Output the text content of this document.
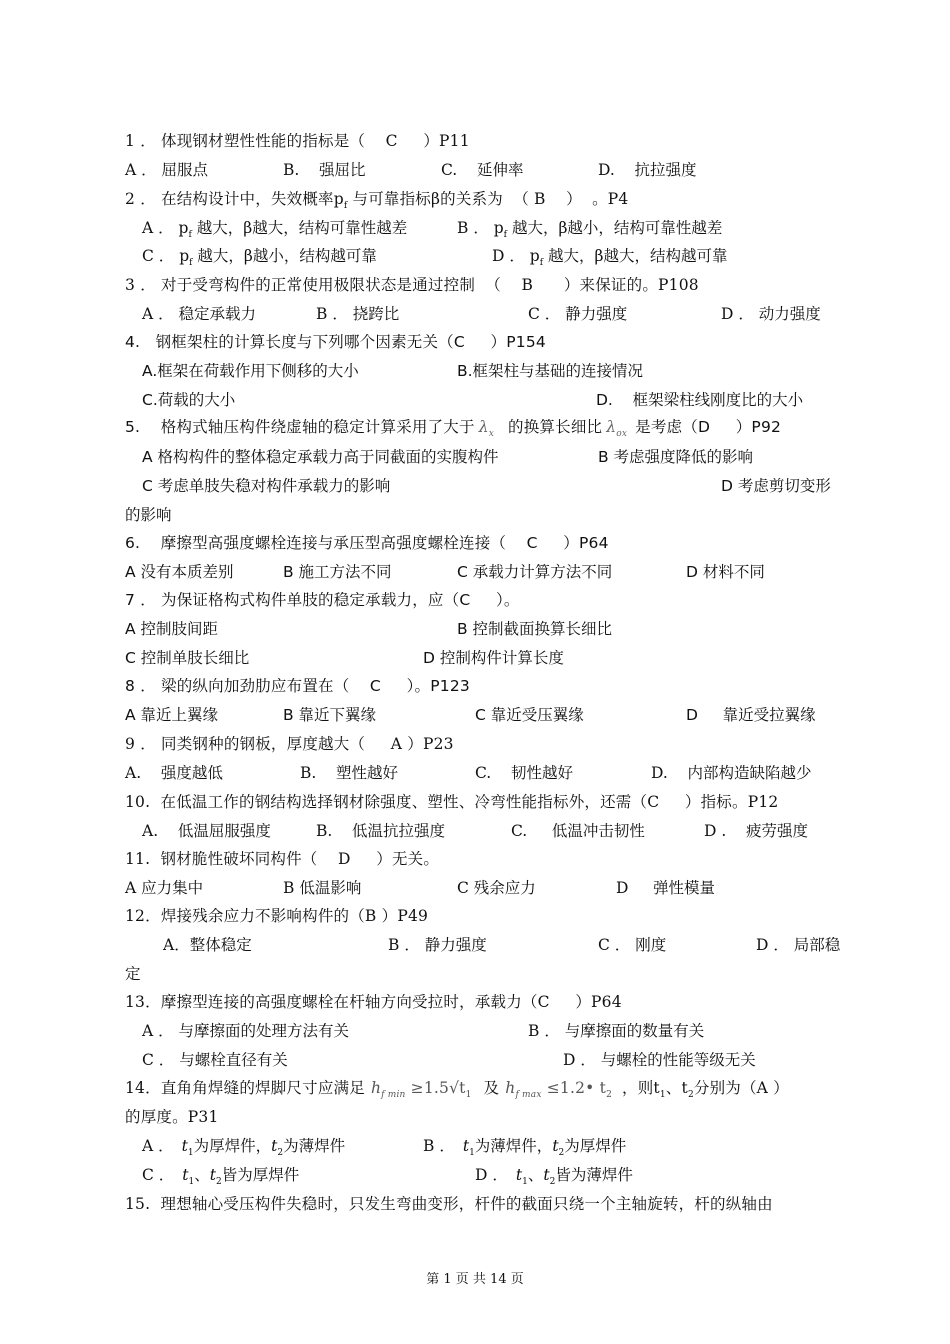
1 ． 体现钢材塑性性能的指标是（    C     ）P11
A ． 屈服点	B.    强屈比	C.    延伸率	D.    抗拉强度
2 ． 在结构设计中，失效概率$p_f$ 与可靠指标β的关系为  （ B    ）  。P4
A ． $p_f$ 越大，β越大，结构可靠性越差	B ． $p_f$ 越大，β越小，结构可靠性越差
C ． $p_f$ 越大，β越小，结构越可靠	D ． $p_f$ 越大，β越大，结构越可靠
3 ． 对于受弯构件的正常使用极限状态是通过控制  （    B      ）来保证的。P108
A ． 稳定承载力	B ． 挠跨比	C ． 静力强度	D ． 动力强度
4.   钢框架柱的计算长度与下列哪个因素无关（C     ）P154
A.框架在荷载作用下侧移的大小	B.框架柱与基础的连接情况
C.荷载的大小	D.    框架梁柱线刚度比的大小
5.    格构式轴压构件绕虚轴的稳定计算采用了大于 $\lambda_x$ 的换算长细比 $\lambda_{ox}$ 是考虑（D     ）P92
A 格构构件的整体稳定承载力高于同截面的实腹构件	B 考虑强度降低的影响
C 考虑单肢失稳对构件承载力的影响	D 考虑剪切变形
的影响
6.    摩擦型高强度螺栓连接与承压型高强度螺栓连接（    C     ）P64
A 没有本质差别	B 施工方法不同	C 承载力计算方法不同	D 材料不同
7 ． 为保证格构式构件单肢的稳定承载力，应（C     ）。
A 控制肢间距	B 控制截面换算长细比
C 控制单肢长细比	D 控制构件计算长度
8 ． 梁的纵向加劲肋应布置在（    C     ）。P123
A 靠近上翼缘	B 靠近下翼缘	C 靠近受压翼缘	D     靠近受拉翼缘
9 ． 同类钢种的钢板，厚度越大（     A ）P23
A.    强度越低	B.    塑性越好	C.    韧性越好	D.    内部构造缺陷越少
10.  在低温工作的钢结构选择钢材除强度、塑性、冷弯性能指标外，还需（C     ）指标。P12
A.    低温屈服强度	B.    低温抗拉强度	C.     低温冲击韧性	D .    疲劳强度
11.  钢材脆性破坏同构件（    D     ）无关。
A 应力集中	B 低温影响	C 残余应力	D     弹性模量
12．焊接残余应力不影响构件的（B ）P49
A．整体稳定	B ． 静力强度	C ． 刚度	D ． 局部稳
定
13．摩擦型连接的高强度螺栓在杆轴方向受拉时，承载力（C     ）P64
A ． 与摩擦面的处理方法有关	B ． 与摩擦面的数量有关
C ． 与螺栓直径有关	D ． 与螺栓的性能等级无关
14．直角角焊缝的焊脚尺寸应满足 $h_{f min} \ge 1.5√t_1$ 及 $h_{f max}$ ≤1.2• $t_2$ ，则$t_1$、$t_2$分别为（A ）
的厚度。P31
A ． $t_1$为厚焊件，$t_2$为薄焊件	B ． $t_1$为薄焊件，$t_2$为厚焊件
C ． $t_1$、$t_2$皆为厚焊件	D ． $t_1$、$t_2$皆为薄焊件
15.  理想轴心受压构件失稳时，只发生弯曲变形，杆件的截面只绕一个主轴旋转，杆的纵轴由
第 1 页 共 14 页
